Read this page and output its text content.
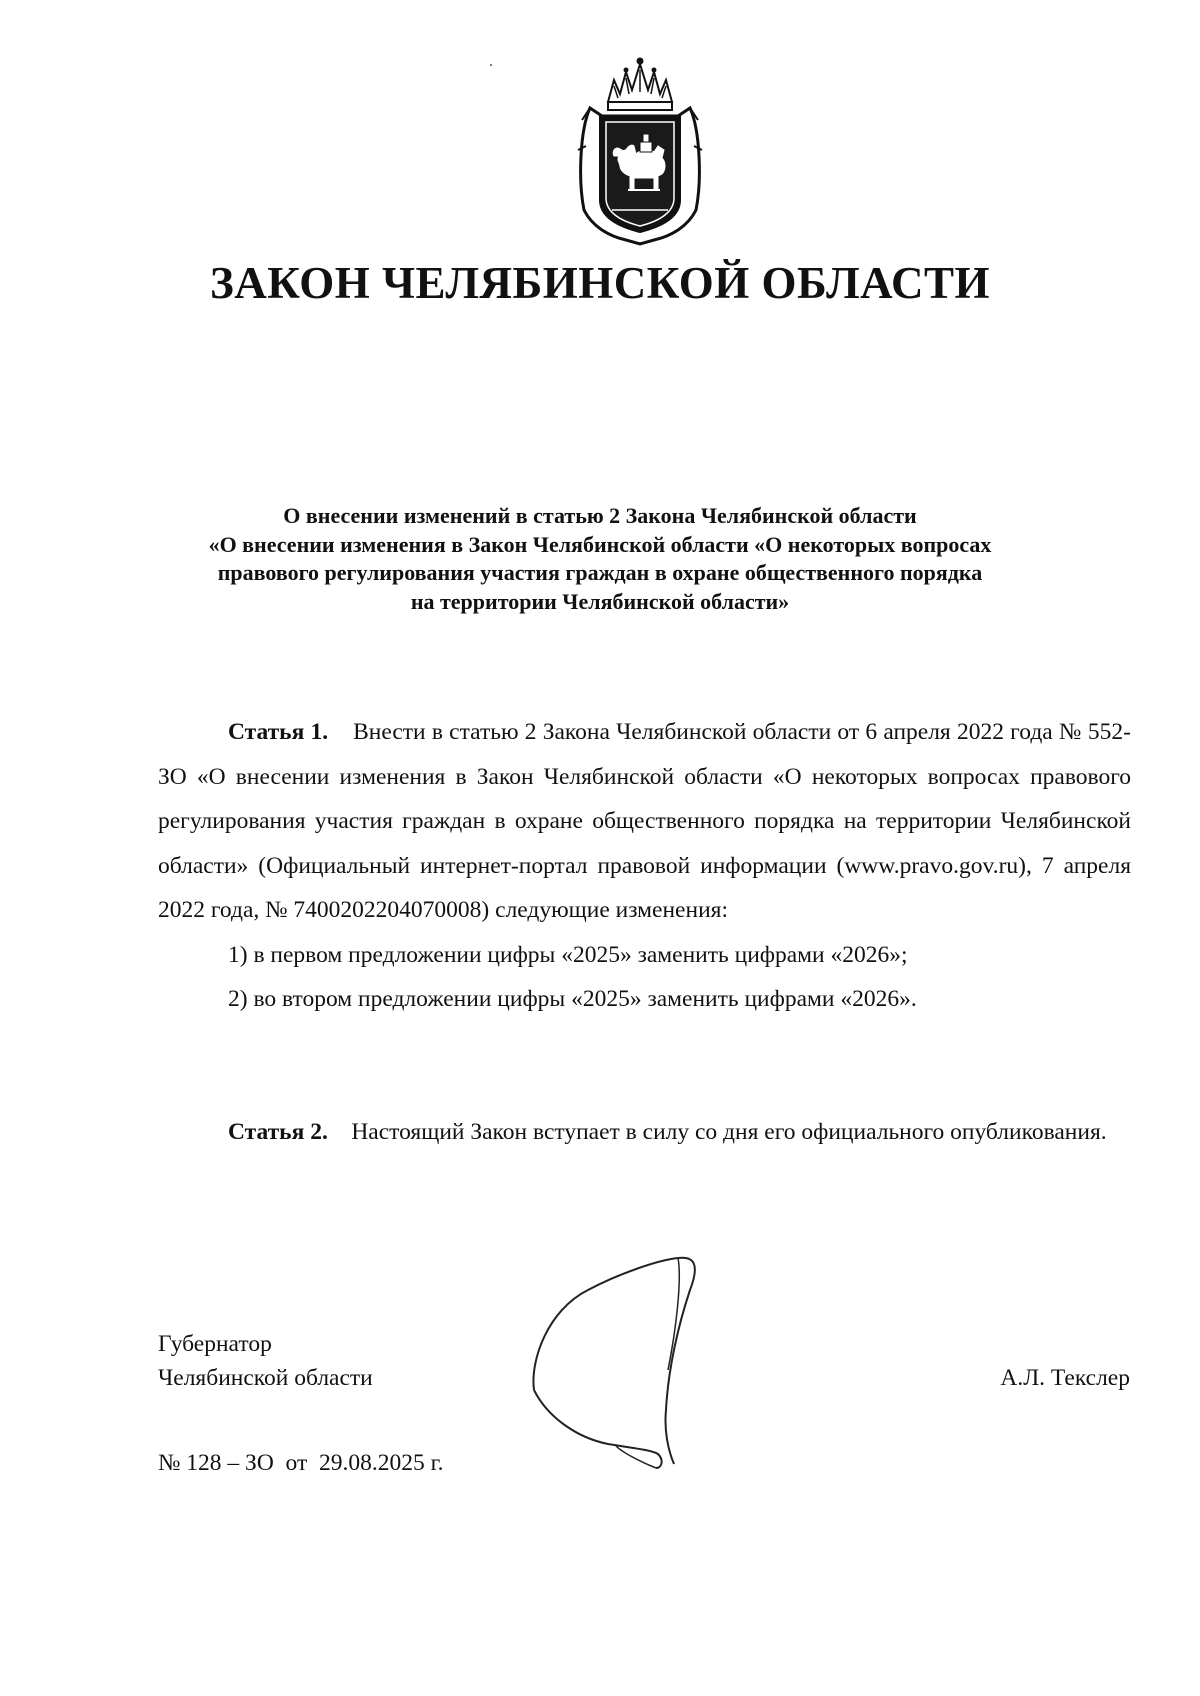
ЗАКОН ЧЕЛЯБИНСКОЙ ОБЛАСТИ
О внесении изменений в статью 2 Закона Челябинской области
«О внесении изменения в Закон Челябинской области «О некоторых вопросах
правового регулирования участия граждан в охране общественного порядка
на территории Челябинской области»

Статья 1. Внести в статью 2 Закона Челябинской области от 6 апреля 2022 года № 552-ЗО «О внесении изменения в Закон Челябинской области «О некоторых вопросах правового регулирования участия граждан в охране общественного порядка на территории Челябинской области» (Официальный интернет-портал правовой информации (www.pravo.gov.ru), 7 апреля 2022 года, № 7400202204070008) следующие изменения:

1) в первом предложении цифры «2025» заменить цифрами «2026»;

2) во втором предложении цифры «2025» заменить цифрами «2026».

Статья 2. Настоящий Закон вступает в силу со дня его официального опубликования.

Губернатор
Челябинской области	А.Л. Текслер
№ 128 – ЗО  от  29.08.2025 г.
